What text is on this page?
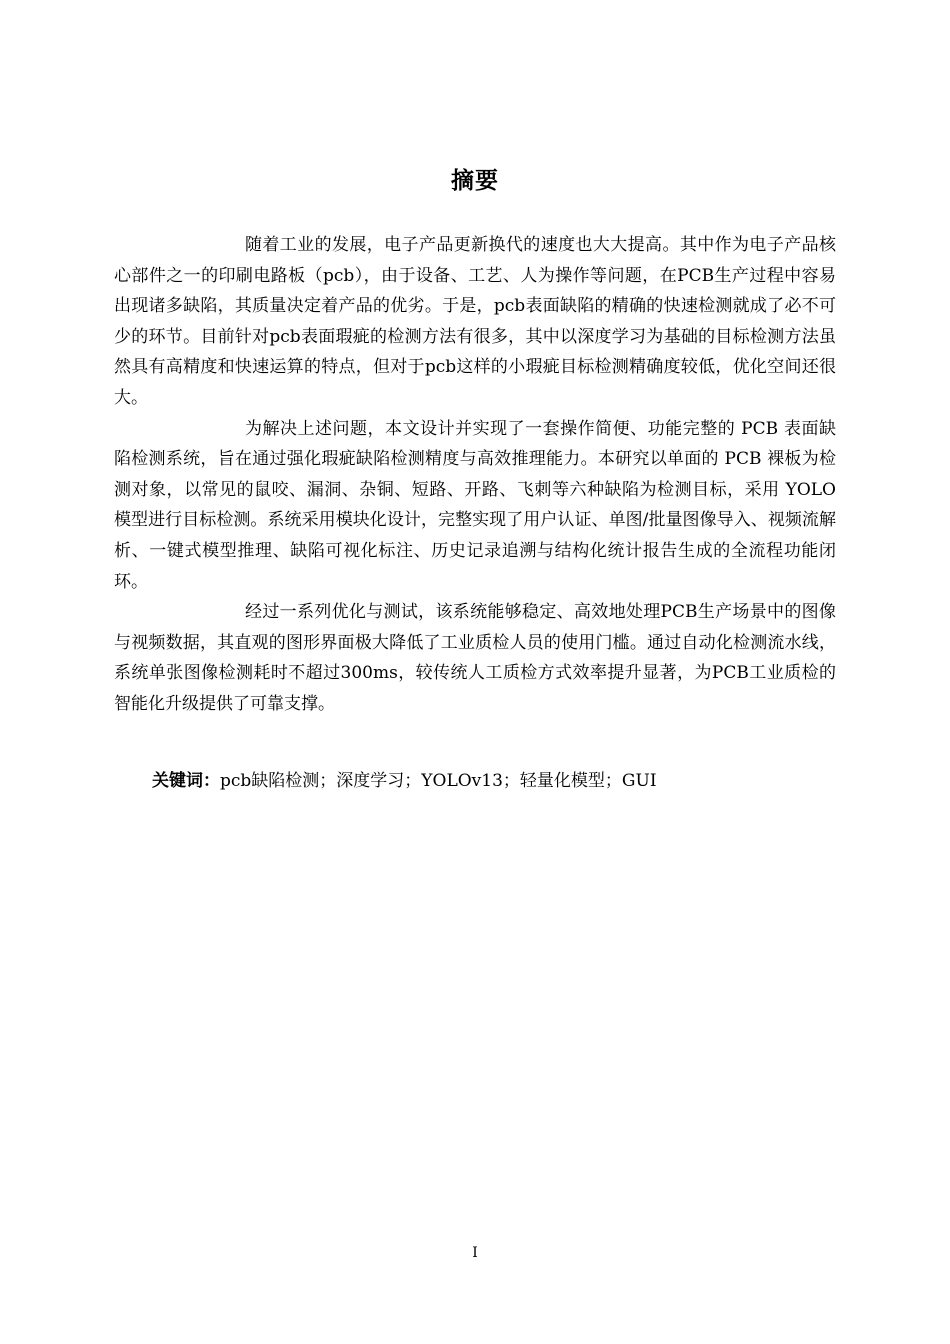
摘要

随着工业的发展，电子产品更新换代的速度也大大提高。其中作为电子产品核心部件之一的印刷电路板（pcb），由于设备、工艺、人为操作等问题，在PCB生产过程中容易出现诸多缺陷，其质量决定着产品的优劣。于是，pcb表面缺陷的精确的快速检测就成了必不可少的环节。目前针对pcb表面瑕疵的检测方法有很多，其中以深度学习为基础的目标检测方法虽然具有高精度和快速运算的特点，但对于pcb这样的小瑕疵目标检测精确度较低，优化空间还很大。

为解决上述问题，本文设计并实现了一套操作简便、功能完整的 PCB 表面缺陷检测系统，旨在通过强化瑕疵缺陷检测精度与高效推理能力。本研究以单面的 PCB 裸板为检测对象，以常见的鼠咬、漏洞、杂铜、短路、开路、飞刺等六种缺陷为检测目标，采用 YOLO 模型进行目标检测。系统采用模块化设计，完整实现了用户认证、单图/批量图像导入、视频流解析、一键式模型推理、缺陷可视化标注、历史记录追溯与结构化统计报告生成的全流程功能闭环。

经过一系列优化与测试，该系统能够稳定、高效地处理PCB生产场景中的图像与视频数据，其直观的图形界面极大降低了工业质检人员的使用门槛。通过自动化检测流水线，系统单张图像检测耗时不超过300ms，较传统人工质检方式效率提升显著，为PCB工业质检的智能化升级提供了可靠支撑。

关键词：pcb缺陷检测；深度学习；YOLOv13；轻量化模型；GUI
I
